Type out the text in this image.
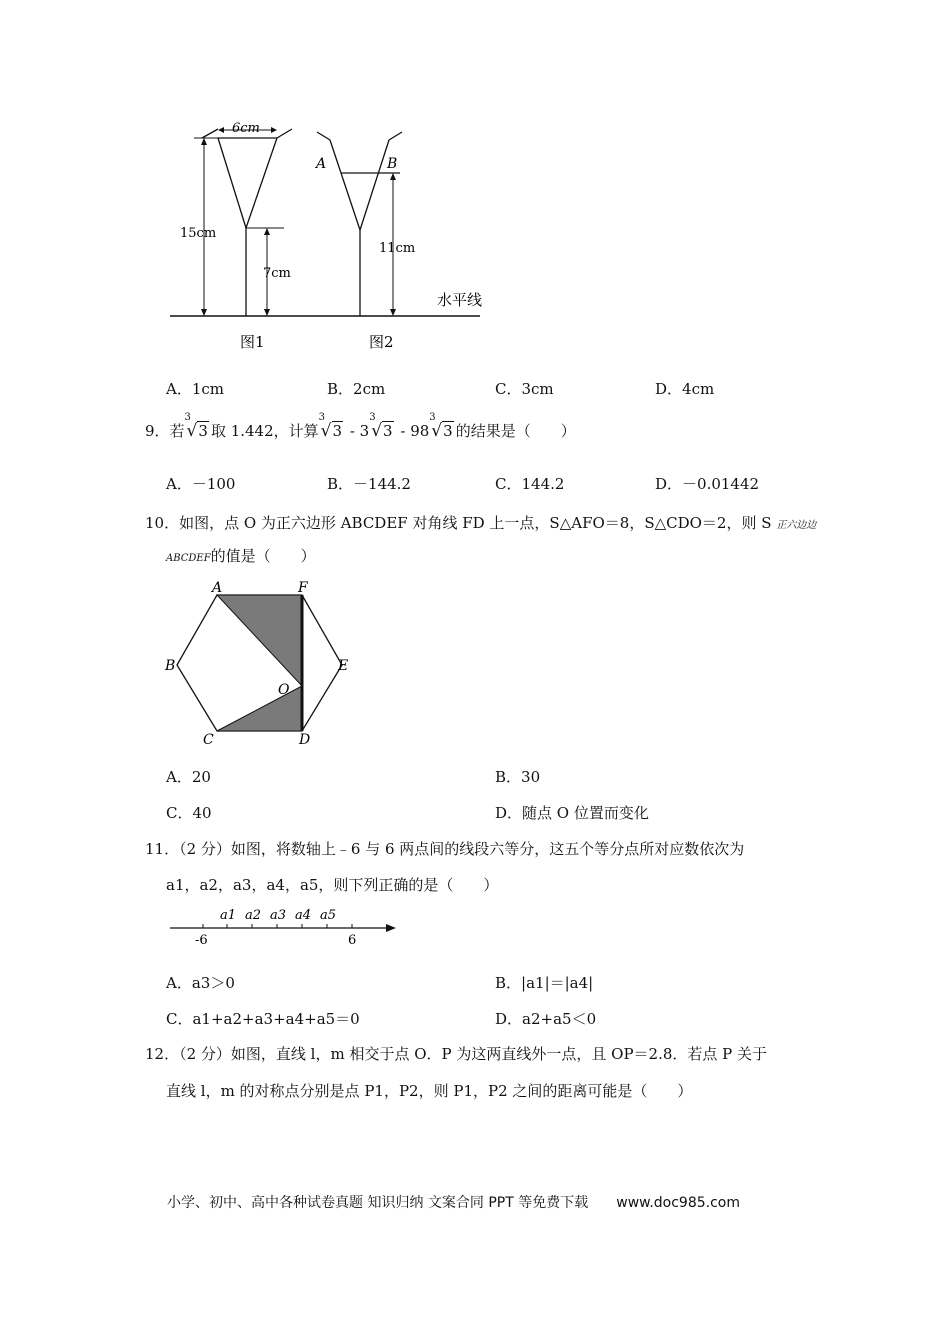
6cm
15cm
7cm
A	B
11cm
水平线
图1	图2
A．1cm	B．2cm	C．3cm	D．4cm
9．若
3
√3 取 1.442，计算
3
√3 - 3
3
√3 - 98
3
√3 的结果是（　　）
A．－100	B．－144.2	C．144.2	D．－0.01442
10．如图，点 O 为正六边形 ABCDEF 对角线 FD 上一点，S△AFO＝8，S△CDO＝2，则 S 正六边边
ABCDEF的值是（　　）
A	F
B	E
O
C	D
A．20	B．30
C．40	D．随点 O 位置而变化
11．（2 分）如图，将数轴上﹣6 与 6 两点间的线段六等分，这五个等分点所对应数依次为
a1，a2，a3，a4，a5，则下列正确的是（　　）
-6	6
a1 a2 a3 a4 a5
A．a3＞0	B．|a1|＝|a4|
C．a1+a2+a3+a4+a5＝0	D．a2+a5＜0
12．（2 分）如图，直线 l，m 相交于点 O．P 为这两直线外一点，且 OP＝2.8．若点 P 关于
直线 l，m 的对称点分别是点 P1，P2，则 P1，P2 之间的距离可能是（　　）
小学、初中、高中各种试卷真题 知识归纳 文案合同 PPT 等免费下载 www.doc985.com
